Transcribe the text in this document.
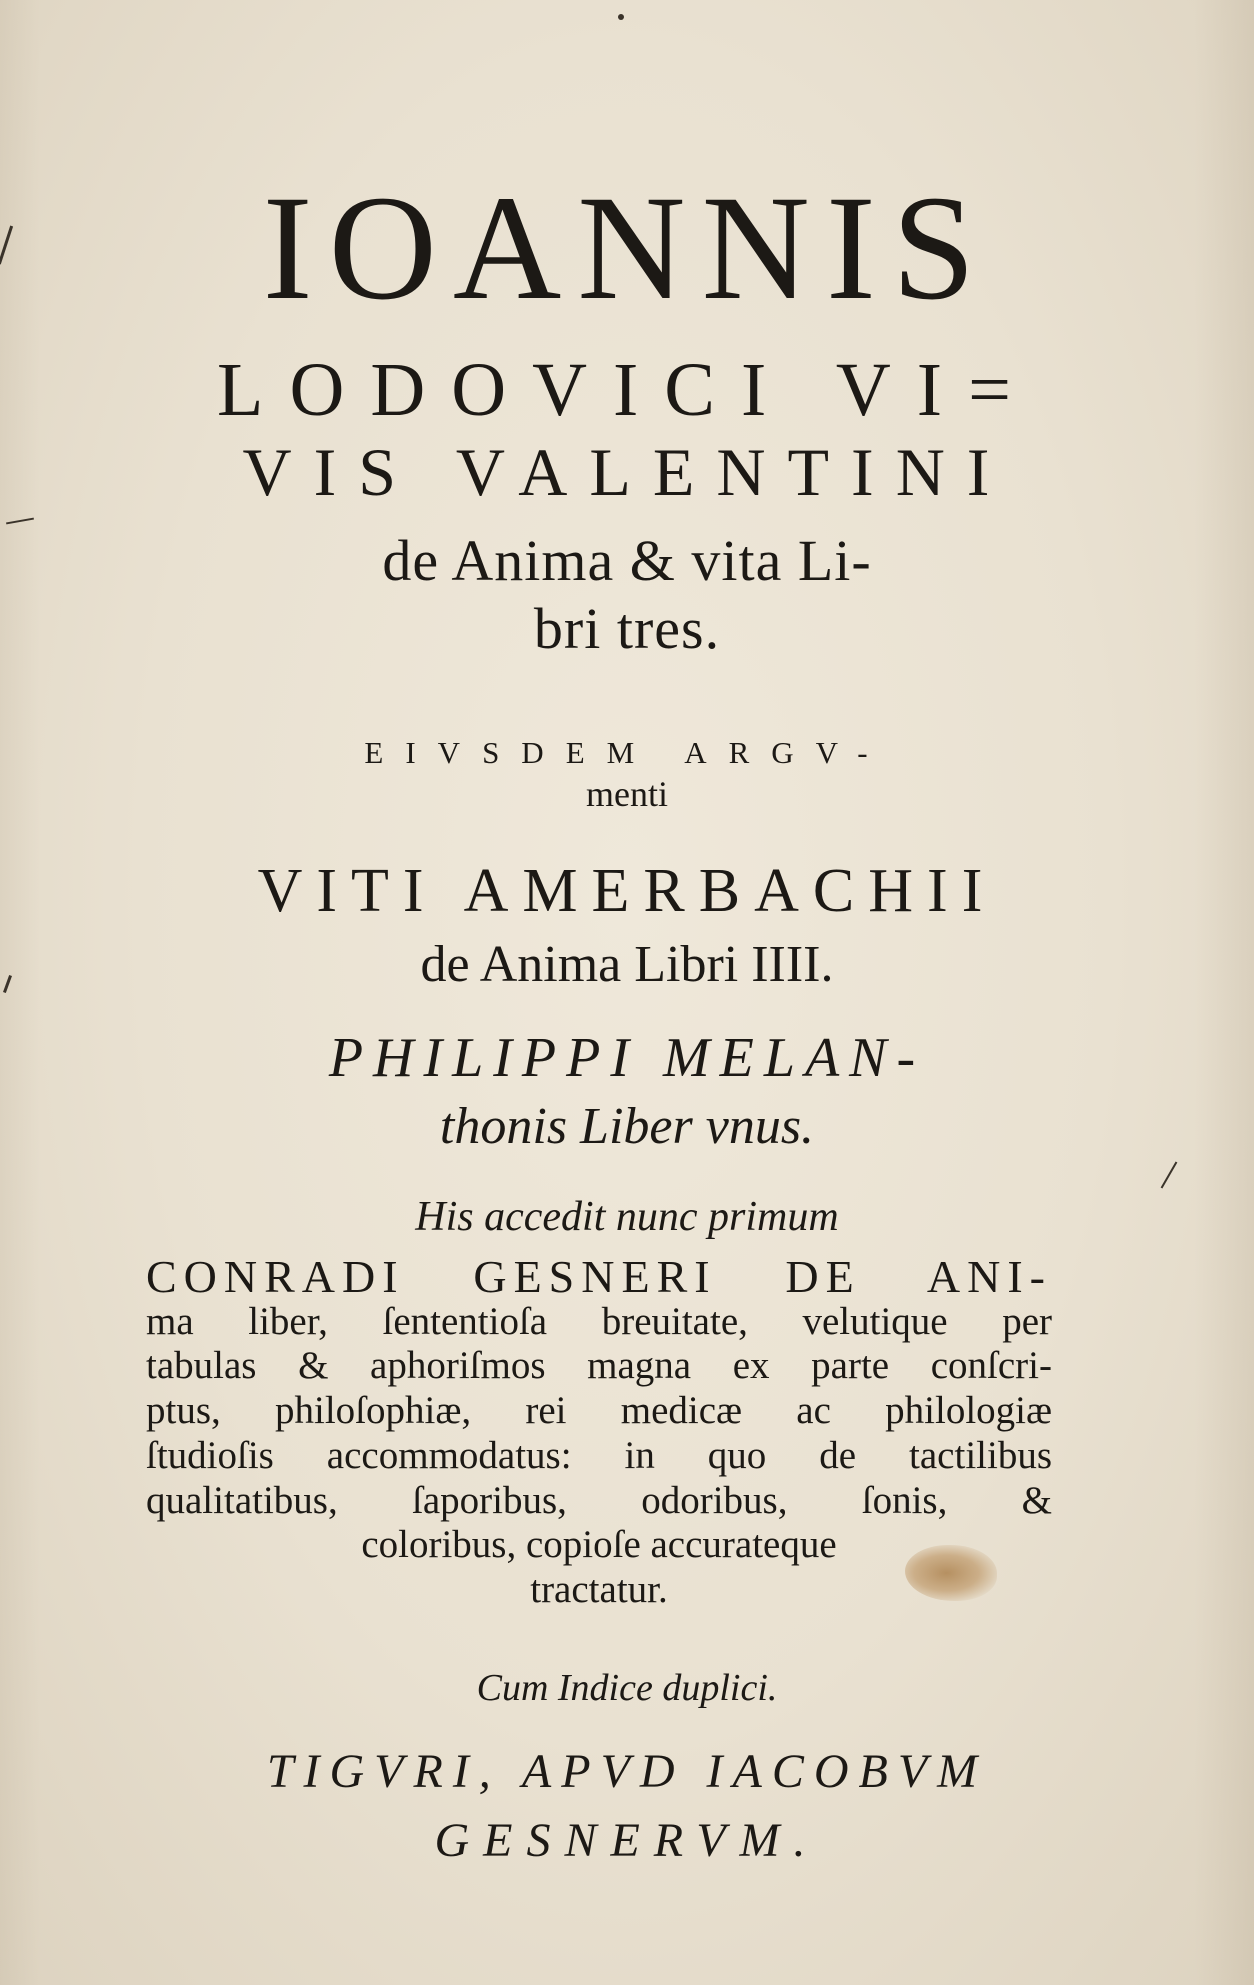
IOANNIS
LODOVICI VI=
VIS VALENTINI
de Anima & vita Li-
bri tres.
EIVSDEM ARGV-
menti
VITI AMERBACHII
de Anima Libri IIII.
PHILIPPI MELAN-
thonis Liber vnus.
His accedit nunc primum
CONRADI GESNERI DE ANI-
ma liber, ſententioſa breuitate, velutique per
tabulas & aphoriſmos magna ex parte conſcri-
ptus, philoſophiæ, rei medicæ ac philologiæ
ſtudioſis accommodatus: in quo de tactilibus
qualitatibus, ſaporibus, odoribus, ſonis, &
coloribus, copioſe accurateque
tractatur.
Cum Indice duplici.
TIGVRI, APVD IACOBVM
GESNERVM.
